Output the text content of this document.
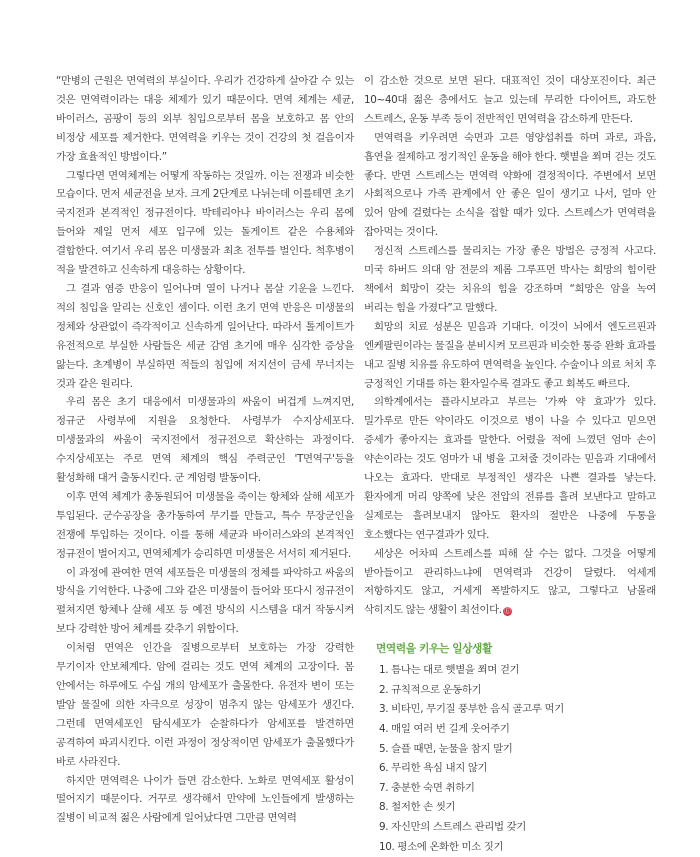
“만병의 근원은 면역력의 부실이다. 우리가 건강하게 살아갈 수 있는 것은 면역력이라는 대응 체제가 있기 때문이다. 면역 체계는 세균, 바이러스, 곰팡이 등의 외부 침입으로부터 몸을 보호하고 몸 안의 비정상 세포를 제거한다. 면역력을 키우는 것이 건강의 첫 걸음이자 가장 효율적인 방법이다.”

그렇다면 면역체계는 어떻게 작동하는 것일까. 이는 전쟁과 비슷한 모습이다. 먼저 세균전을 보자. 크게 2단계로 나뉘는데 이를테면 초기 국지전과 본격적인 정규전이다. 박테리아나 바이러스는 우리 몸에 들어와 제일 먼저 세포 입구에 있는 돌게이트 같은 수용체와 결합한다. 여기서 우리 몸은 미생물과 최초 전투를 벌인다. 척후병이 적을 발견하고 신속하게 대응하는 상황이다.

그 결과 염증 반응이 일어나며 열이 나거나 몸살 기운을 느낀다. 적의 침입을 알리는 신호인 셈이다. 이런 초기 면역 반응은 미생물의 정체와 상관없이 즉각적이고 신속하게 일어난다. 따라서 톨게이트가 유전적으로 부실한 사람들은 세균 감염 초기에 매우 심각한 증상을 앓는다. 초계병이 부실하면 적들의 침입에 저지선이 금세 무너지는 것과 같은 원리다.

우리 몸은 초기 대응에서 미생물과의 싸움이 버겁게 느껴지면, 정규군 사령부에 지원을 요청한다. 사령부가 수지상세포다. 미생물과의 싸움이 국지전에서 정규전으로 확산하는 과정이다. 수지상세포는 주로 면역 체계의 핵심 주력군인 'T면역구'등을 활성화해 대거 출동시킨다. 군 계엄령 발동이다.

이후 면역 체계가 총동원되어 미생물을 죽이는 항체와 살해 세포가 투입된다. 군수공장을 총가동하여 무기를 만들고, 특수 무장군인을 전쟁에 투입하는 것이다. 이를 통해 세균과 바이러스와의 본격적인 정규전이 벌어지고, 면역체계가 승리하면 미생물은 서서히 제거된다.

이 과정에 관여한 면역 세포들은 미생물의 정체를 파악하고 싸움의 방식을 기억한다. 나중에 그와 같은 미생물이 들어와 또다시 정규전이 펼쳐지면 항체나 살해 세포 등 예전 방식의 시스템을 대거 작동시켜 보다 강력한 방어 체계를 갖추기 위함이다.

이처럼 면역은 인간을 질병으로부터 보호하는 가장 강력한 무기이자 안보체계다. 암에 걸리는 것도 면역 체계의 고장이다. 몸 안에서는 하루에도 수십 개의 암세포가 출몰한다. 유전자 변이 또는 발암 물질에 의한 자극으로 성장이 멈추지 않는 암세포가 생긴다. 그런데 면역세포인 탐식세포가 순찰하다가 암세포를 발견하면 공격하여 파괴시킨다. 이런 과정이 정상적이면 암세포가 출몰했다가 바로 사라진다.

하지만 면역력은 나이가 들면 감소한다. 노화로 면역세포 활성이 떨어지기 때문이다. 거꾸로 생각해서 만약에 노인들에게 발생하는 질병이 비교적 젊은 사람에게 일어났다면 그만큼 면역력

이 감소한 것으로 보면 된다. 대표적인 것이 대상포진이다. 최근 10~40대 젊은 층에서도 늘고 있는데 무리한 다이어트, 과도한 스트레스, 운동 부족 등이 전반적인 면역력을 감소하게 만든다.

면역력을 키우려면 숙면과 고른 영양섭취를 하며 과로, 과음, 흡연을 절제하고 정기적인 운동을 해야 한다. 햇볕을 쬐며 걷는 것도 좋다. 반면 스트레스는 면역력 약화에 결정적이다. 주변에서 보면 사회적으로나 가족 관계에서 안 좋은 일이 생기고 나서, 얼마 안 있어 암에 걸렸다는 소식을 접할 때가 있다. 스트레스가 면역력을 잡아먹는 것이다.

정신적 스트레스를 물리치는 가장 좋은 방법은 긍정적 사고다. 미국 하버드 의대 암 전문의 제롬 그루프먼 박사는 희망의 힘이란 책에서 희망이 갖는 치유의 힘을 강조하며 “희망은 암을 녹여 버리는 힘을 가졌다”고 말했다.

희망의 치료 성분은 믿음과 기대다. 이것이 뇌에서 엔도르핀과 엔케팔린이라는 물질을 분비시켜 모르핀과 비슷한 통증 완화 효과를 내고 질병 치유를 유도하여 면역력을 높인다. 수술이나 의료 처치 후 긍정적인 기대를 하는 환자일수록 결과도 좋고 회복도 빠르다.

의학계에서는 플라시보라고 부르는 '가짜 약 효과'가 있다. 밀가루로 만든 약이라도 이것으로 병이 나을 수 있다고 믿으면 증세가 좋아지는 효과를 말한다. 어렸을 적에 느꼈던 엄마 손이 약손이라는 것도 엄마가 내 병을 고쳐줄 것이라는 믿음과 기대에서 나오는 효과다. 반대로 부정적인 생각은 나쁜 결과를 낳는다. 환자에게 머리 양쪽에 낮은 전압의 전류를 흘려 보낸다고 말하고 실제로는 흘려보내지 않아도 환자의 절반은 나중에 두통을 호소했다는 연구결과가 있다.

세상은 어차피 스트레스를 피해 살 수는 없다. 그것을 어떻게 받아들이고 관리하느냐에 면역력과 건강이 달렸다. 억세게 저항하지도 않고, 거세게 폭발하지도 않고, 그렇다고 남몰래 삭히지도 않는 생활이 최선이다. Ⓔ

면역력을 키우는 일상생활

1. 틈나는 대로 햇볕을 쬐며 걷기
2. 규칙적으로 운동하기
3. 비타민, 무기질 풍부한 음식 골고루 먹기
4. 매일 여러 번 길게 웃어주기
5. 슬플 때면, 눈물을 참지 말기
6. 무리한 욕심 내지 않기
7. 충분한 숙면 취하기
8. 철저한 손 씻기
9. 자신만의 스트레스 관리법 갖기
10. 평소에 온화한 미소 짓기
